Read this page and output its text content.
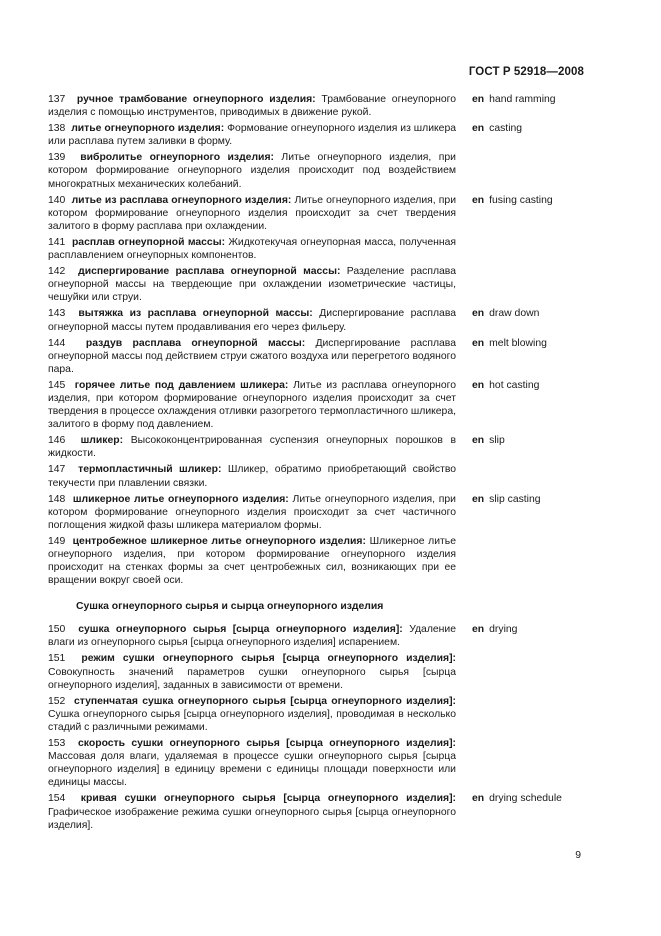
ГОСТ Р 52918—2008
137 ручное трамбование огнеупорного изделия: Трамбование огнеупорного изделия с помощью инструментов, приводимых в движение рукой.
en hand ramming
138 литье огнеупорного изделия: Формование огнеупорного изделия из шликера или расплава путем заливки в форму.
en casting
139 вибролитье огнеупорного изделия: Литье огнеупорного изделия, при котором формирование огнеупорного изделия происходит под воздействием многократных механических колебаний.
140 литье из расплава огнеупорного изделия: Литье огнеупорного изделия, при котором формирование огнеупорного изделия происходит за счет твердения залитого в форму расплава при охлаждении.
en fusing casting
141 расплав огнеупорной массы: Жидкотекучая огнеупорная масса, полученная расплавлением огнеупорных компонентов.
142 диспергирование расплава огнеупорной массы: Разделение расплава огнеупорной массы на твердеющие при охлаждении изометрические частицы, чешуйки или струи.
143 вытяжка из расплава огнеупорной массы: Диспергирование расплава огнеупорной массы путем продавливания его через фильеру.
en draw down
144 раздув расплава огнеупорной массы: Диспергирование расплава огнеупорной массы под действием струи сжатого воздуха или перегретого водяного пара.
en melt blowing
145 горячее литье под давлением шликера: Литье из расплава огнеупорного изделия, при котором формирование огнеупорного изделия происходит за счет твердения в процессе охлаждения отливки разогретого термопластичного шликера, залитого в форму под давлением.
en hot casting
146 шликер: Высококонцентрированная суспензия огнеупорных порошков в жидкости.
en slip
147 термопластичный шликер: Шликер, обратимо приобретающий свойство текучести при плавлении связки.
148 шликерное литье огнеупорного изделия: Литье огнеупорного изделия, при котором формирование огнеупорного изделия происходит за счет частичного поглощения жидкой фазы шликера материалом формы.
en slip casting
149 центробежное шликерное литье огнеупорного изделия: Шликерное литье огнеупорного изделия, при котором формирование огнеупорного изделия происходит на стенках формы за счет центробежных сил, возникающих при ее вращении вокруг своей оси.
Сушка огнеупорного сырья и сырца огнеупорного изделия
150 сушка огнеупорного сырья [сырца огнеупорного изделия]: Удаление влаги из огнеупорного сырья [сырца огнеупорного изделия] испарением.
en drying
151 режим сушки огнеупорного сырья [сырца огнеупорного изделия]: Совокупность значений параметров сушки огнеупорного сырья [сырца огнеупорного изделия], заданных в зависимости от времени.
152 ступенчатая сушка огнеупорного сырья [сырца огнеупорного изделия]: Сушка огнеупорного сырья [сырца огнеупорного изделия], проводимая в несколько стадий с различными режимами.
153 скорость сушки огнеупорного сырья [сырца огнеупорного изделия]: Массовая доля влаги, удаляемая в процессе сушки огнеупорного сырья [сырца огнеупорного изделия] в единицу времени с единицы площади поверхности или единицы массы.
154 кривая сушки огнеупорного сырья [сырца огнеупорного изделия]: Графическое изображение режима сушки огнеупорного сырья [сырца огнеупорного изделия].
en drying schedule
9
